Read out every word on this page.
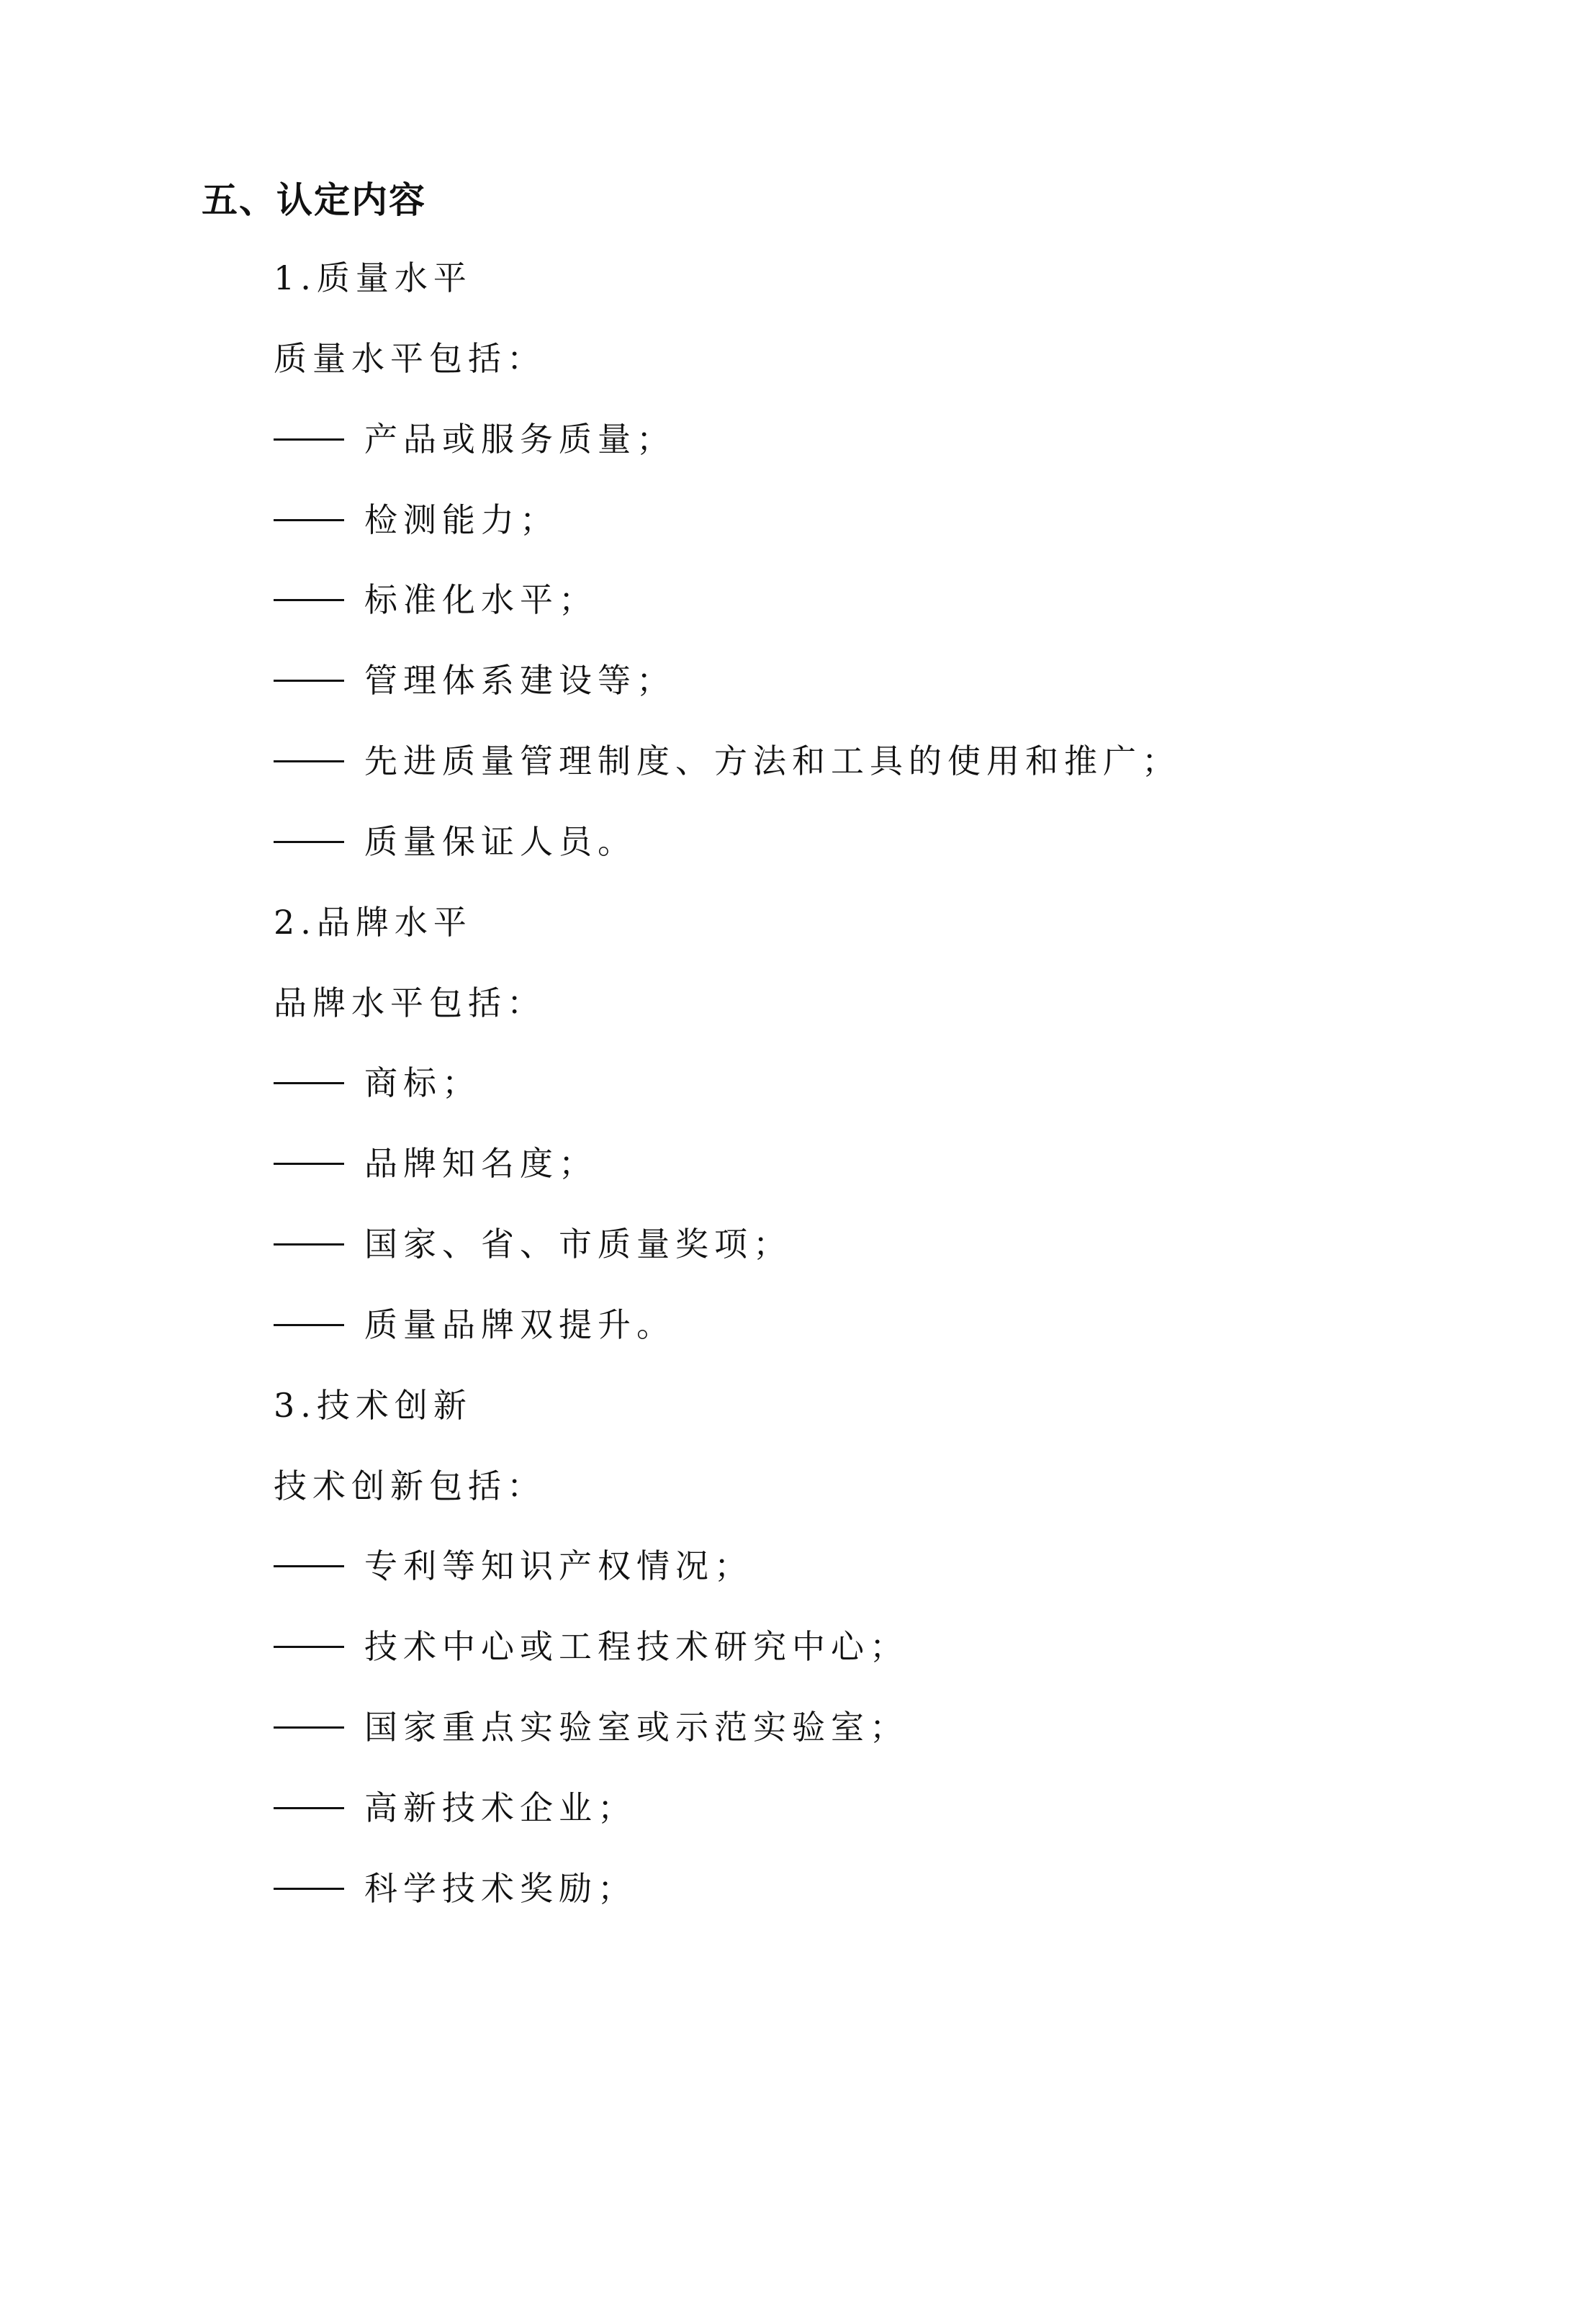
五、认定内容
1.质量水平
质量水平包括：
产品或服务质量；
检测能力；
标准化水平；
管理体系建设等；
先进质量管理制度、方法和工具的使用和推广；
质量保证人员。
2.品牌水平
品牌水平包括：
商标；
品牌知名度；
国家、省、市质量奖项；
质量品牌双提升。
3.技术创新
技术创新包括：
专利等知识产权情况；
技术中心或工程技术研究中心；
国家重点实验室或示范实验室；
高新技术企业；
科学技术奖励；
